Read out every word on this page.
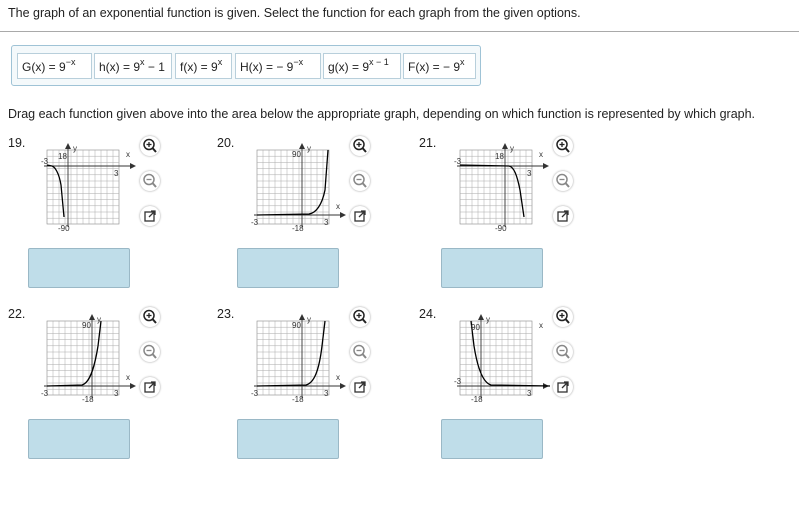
The graph of an exponential function is given. Select the function for each graph from the given options.
$G(x) = 9^{-x}$	$h(x) = 9^x - 1$	$f(x) = 9^x$	H(x) = − $9^{-x}$	$g(x) = 9^{x - 1}$	F(x) = − $9^x$
Drag each function given above into the area below the appropriate graph, depending on which function is represented by which graph.
19.
18
-90
-3
3
x
y	20.
90
-18
-3	3
x
y	21.
18
-90
-3
3
x
y
22.
90
-18
-3	3
x
y	23.
90
-18
-3	3
x
y	24.
90
-18
-3
3
x
y
